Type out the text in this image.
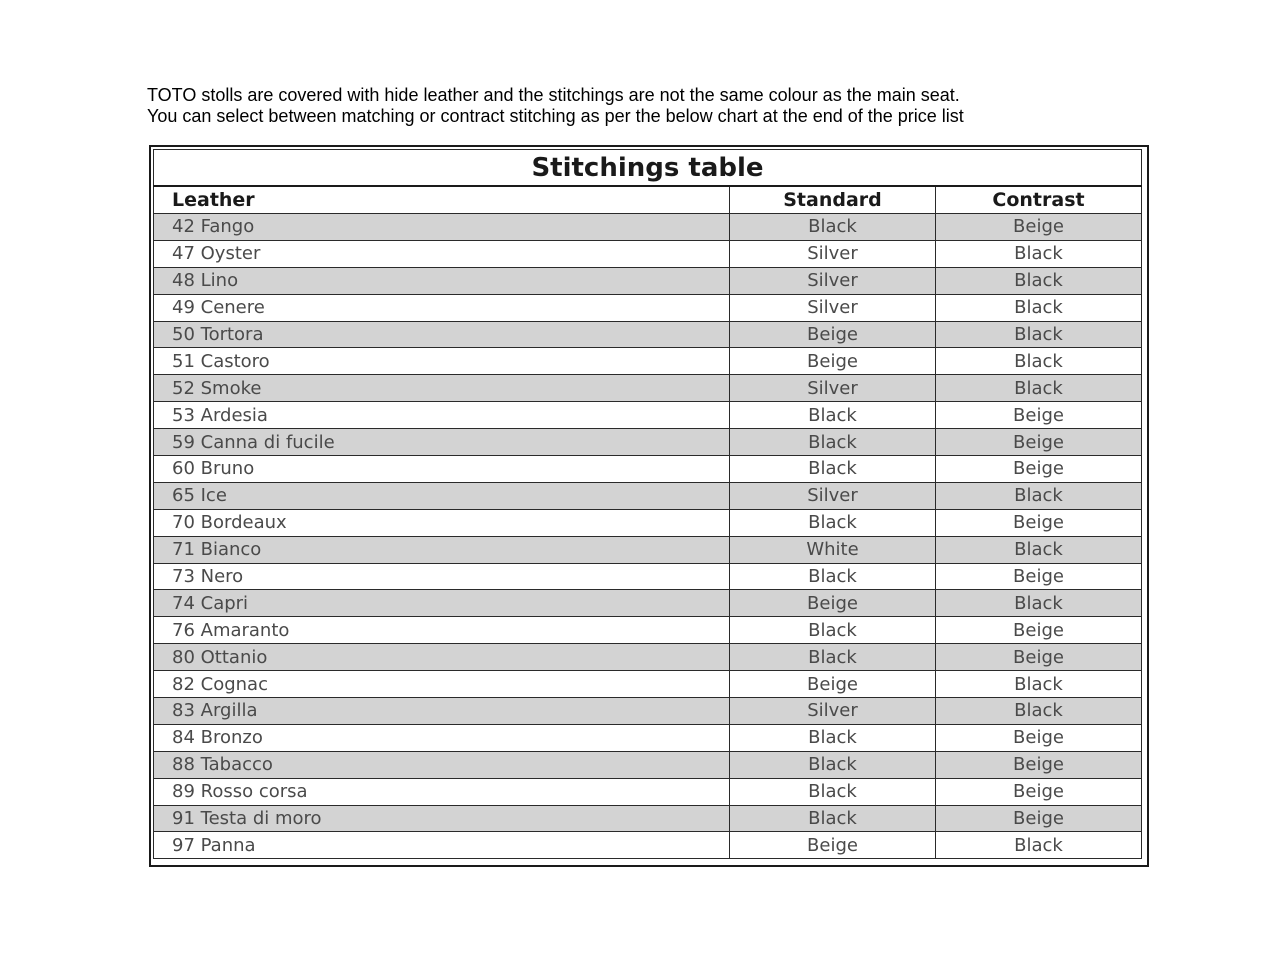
TOTO stolls are covered with hide leather and the stitchings are not the same colour as the main seat.
You can select between matching or contract stitching as per the below chart at the end of the price list
Stitchings table		
Leather	Standard	Contrast
42 Fango	Black	Beige
47 Oyster	Silver	Black
48 Lino	Silver	Black
49 Cenere	Silver	Black
50 Tortora	Beige	Black
51 Castoro	Beige	Black
52 Smoke	Silver	Black
53 Ardesia	Black	Beige
59 Canna di fucile	Black	Beige
60 Bruno	Black	Beige
65 Ice	Silver	Black
70 Bordeaux	Black	Beige
71 Bianco	White	Black
73 Nero	Black	Beige
74 Capri	Beige	Black
76 Amaranto	Black	Beige
80 Ottanio	Black	Beige
82 Cognac	Beige	Black
83 Argilla	Silver	Black
84 Bronzo	Black	Beige
88 Tabacco	Black	Beige
89 Rosso corsa	Black	Beige
91 Testa di moro	Black	Beige
97 Panna	Beige	Black
